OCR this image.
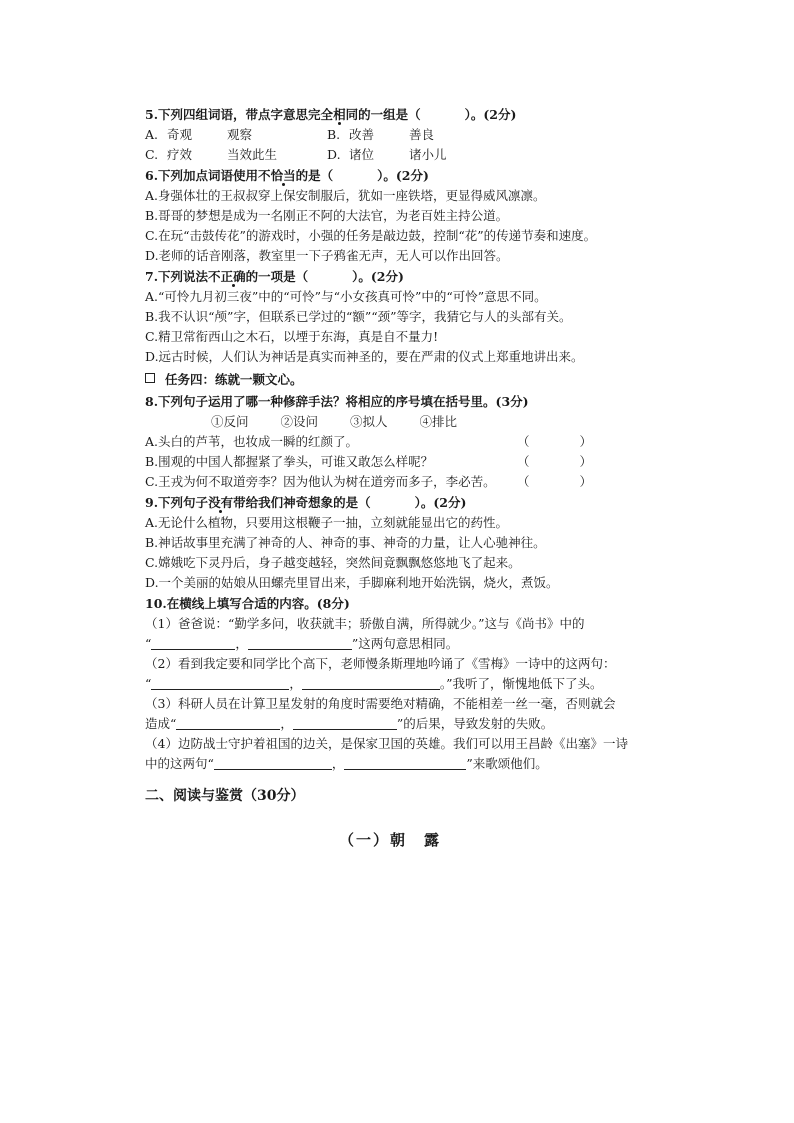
5.下列四组词语，带点字意思完全相同的一组是（	）。(2分)
A. 奇观	观察	B. 改善	善良
C. 疗效	当效此生	D. 诸位	诸小儿
6.下列加点词语使用不恰当的是（	）。(2分)
A.身强体壮的王叔叔穿上保安制服后，犹如一座铁塔，更显得威风凛凛。
B.哥哥的梦想是成为一名刚正不阿的大法官，为老百姓主持公道。
C.在玩“击鼓传花”的游戏时，小强的任务是敲边鼓，控制“花”的传递节奏和速度。
D.老师的话音刚落，教室里一下子鸦雀无声，无人可以作出回答。
7.下列说法不正确的一项是（	）。(2分)
A.“可怜九月初三夜”中的“可怜”与“小女孩真可怜”中的“可怜”意思不同。
B.我不认识“颅”字，但联系已学过的“额”“颈”等字，我猜它与人的头部有关。
C.精卫常衔西山之木石，以堙于东海，真是自不量力!
D.远古时候，人们认为神话是真实而神圣的，要在严肃的仪式上郑重地讲出来。
任务四：练就一颗文心。
8.下列句子运用了哪一种修辞手法？将相应的序号填在括号里。(3分)
①反问	②设问	③拟人	④排比
A.头白的芦苇，也妆成一瞬的红颜了。	（　　　　）
B.围观的中国人都握紧了拳头，可谁又敢怎么样呢？	（　　　　）
C.王戎为何不取道旁李？因为他认为树在道旁而多子，李必苦。	（　　　　）
9.下列句子没有带给我们神奇想象的是（	）。(2分)
A.无论什么植物，只要用这根鞭子一抽，立刻就能显出它的药性。
B.神话故事里充满了神奇的人、神奇的事、神奇的力量，让人心驰神往。
C.嫦娥吃下灵丹后，身子越变越轻，突然间竟飘飘悠悠地飞了起来。
D.一个美丽的姑娘从田螺壳里冒出来，手脚麻利地开始洗锅，烧火，煮饭。
10.在横线上填写合适的内容。(8分)
（1）爸爸说：“勤学多问，收获就丰；骄傲自满，所得就少。”这与《尚书》中的
“	，	”这两句意思相同。
（2）看到我定要和同学比个高下，老师慢条斯理地吟诵了《雪梅》一诗中的这两句：
“	，	。”我听了，惭愧地低下了头。
（3）科研人员在计算卫星发射的角度时需要绝对精确，不能相差一丝一毫，否则就会
造成“	，	”的后果，导致发射的失败。
（4）边防战士守护着祖国的边关，是保家卫国的英雄。我们可以用王昌龄《出塞》一诗
中的这两句“	，	”来歌颂他们。
二、阅读与鉴赏（30分）
（一）朝　露
